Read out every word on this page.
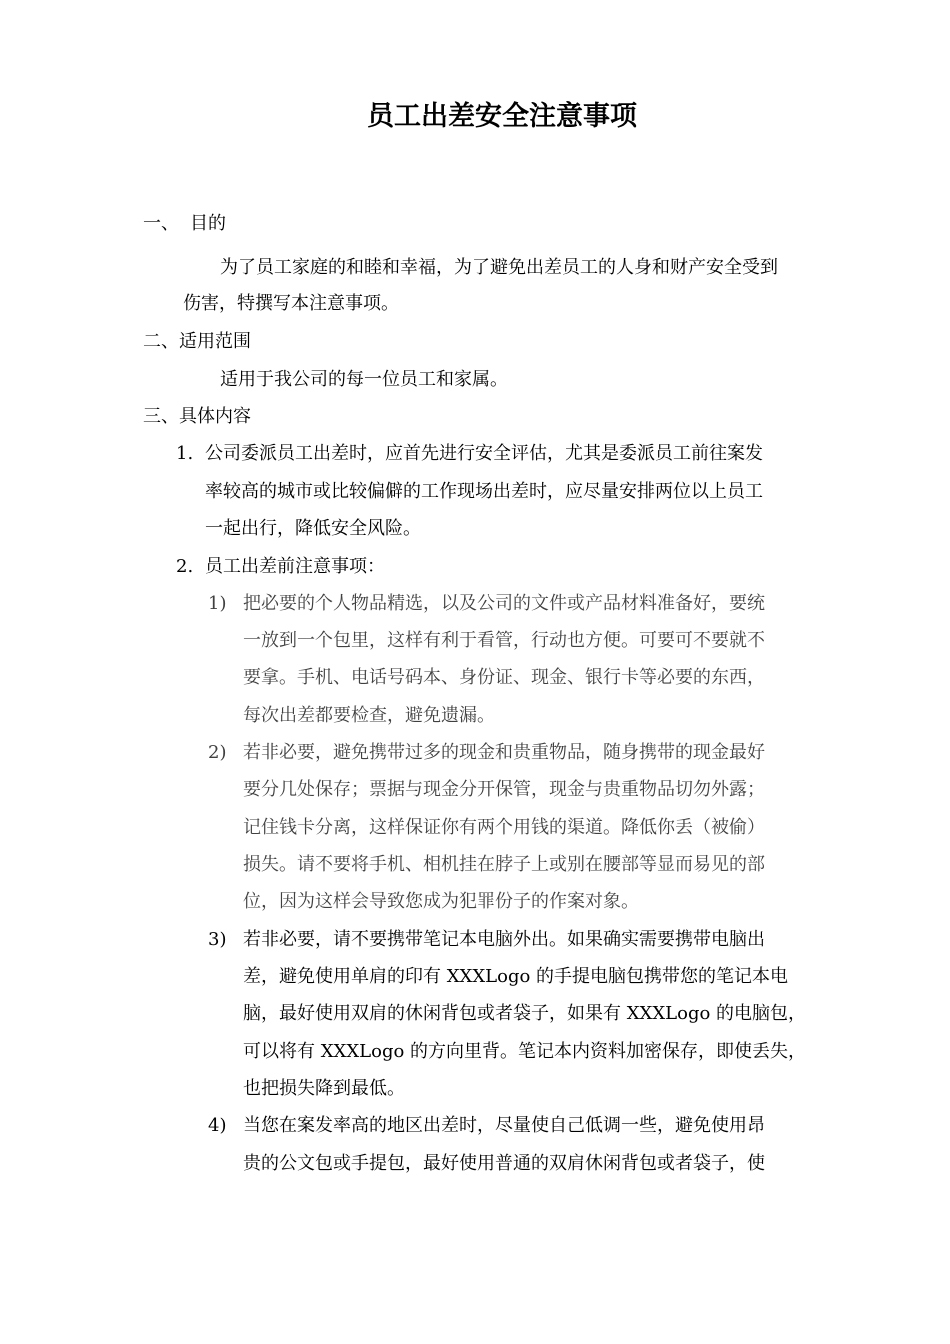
员工出差安全注意事项
一、 目的
为了员工家庭的和睦和幸福，为了避免出差员工的人身和财产安全受到
伤害，特撰写本注意事项。
二、适用范围
适用于我公司的每一位员工和家属。
三、具体内容
1. 公司委派员工出差时，应首先进行安全评估，尤其是委派员工前往案发
率较高的城市或比较偏僻的工作现场出差时，应尽量安排两位以上员工
一起出行，降低安全风险。
2. 员工出差前注意事项：
1) 把必要的个人物品精选，以及公司的文件或产品材料准备好，要统
一放到一个包里，这样有利于看管，行动也方便。可要可不要就不
要拿。手机、电话号码本、身份证、现金、银行卡等必要的东西，
每次出差都要检查，避免遗漏。
2) 若非必要，避免携带过多的现金和贵重物品，随身携带的现金最好
要分几处保存；票据与现金分开保管，现金与贵重物品切勿外露；
记住钱卡分离，这样保证你有两个用钱的渠道。降低你丢（被偷）
损失。请不要将手机、相机挂在脖子上或别在腰部等显而易见的部
位，因为这样会导致您成为犯罪份子的作案对象。
3) 若非必要，请不要携带笔记本电脑外出。如果确实需要携带电脑出
差，避免使用单肩的印有 XXXLogo 的手提电脑包携带您的笔记本电
脑，最好使用双肩的休闲背包或者袋子，如果有 XXXLogo 的电脑包，
可以将有 XXXLogo 的方向里背。笔记本内资料加密保存，即使丢失，
也把损失降到最低。
4) 当您在案发率高的地区出差时，尽量使自己低调一些，避免使用昂
贵的公文包或手提包，最好使用普通的双肩休闲背包或者袋子，使
